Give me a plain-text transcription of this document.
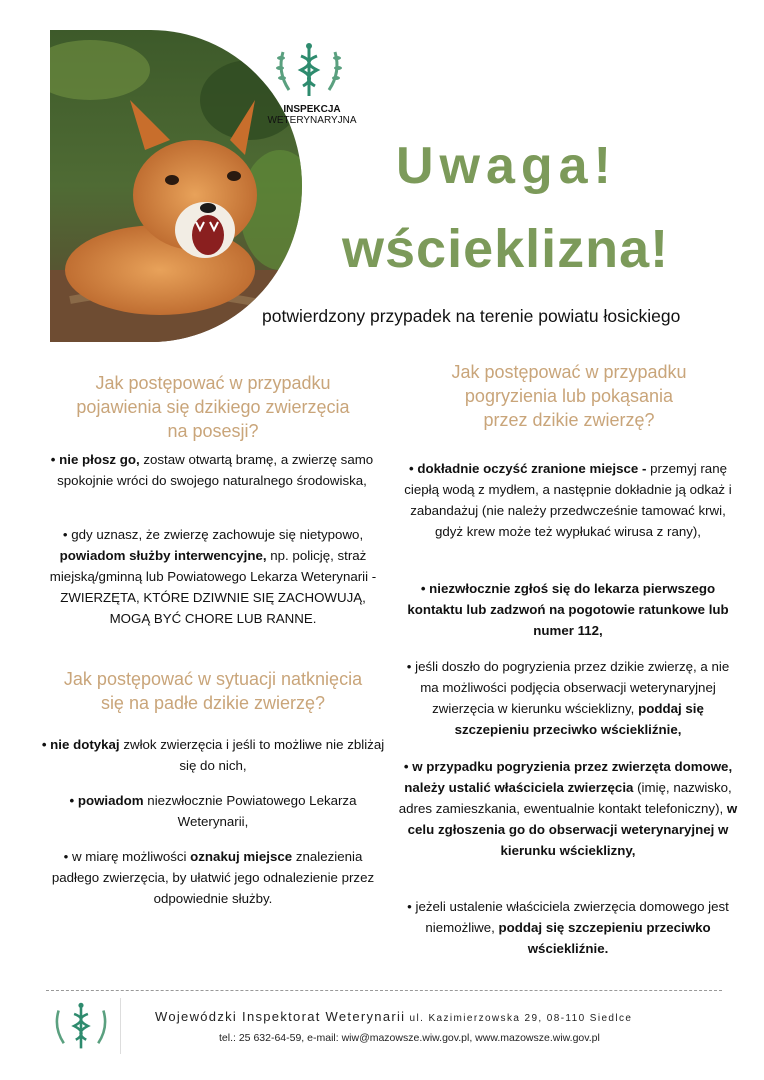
INSPEKCJA
WETERYNARYJNA
Uwaga!
wścieklizna!
potwierdzony przypadek na terenie powiatu łosickiego
Jak postępować w przypadku
pojawienia się dzikiego zwierzęcia
na posesji?
• nie płosz go, zostaw otwartą bramę, a zwierzę samo spokojnie wróci do swojego naturalnego środowiska,
• gdy uznasz, że zwierzę zachowuje się nietypowo,
powiadom służby interwencyjne, np. policję, straż miejską/gminną lub Powiatowego Lekarza Weterynarii - ZWIERZĘTA, KTÓRE DZIWNIE SIĘ ZACHOWUJĄ, MOGĄ BYĆ CHORE LUB RANNE.
Jak postępować w sytuacji natknięcia
się na padłe dzikie zwierzę?
• nie dotykaj zwłok zwierzęcia i jeśli to możliwe nie zbliżaj się do nich,
• powiadom niezwłocznie Powiatowego Lekarza Weterynarii,
• w miarę możliwości oznakuj miejsce znalezienia padłego zwierzęcia, by ułatwić jego odnalezienie przez odpowiednie służby.
Jak postępować w przypadku
pogryzienia lub pokąsania
przez dzikie zwierzę?
• dokładnie oczyść zranione miejsce - przemyj ranę ciepłą wodą z mydłem, a następnie dokładnie ją odkaż i zabandażuj (nie należy przedwcześnie tamować krwi, gdyż krew może też wypłukać wirusa z rany),
• niezwłocznie zgłoś się do lekarza pierwszego kontaktu lub zadzwoń na pogotowie ratunkowe lub numer 112,
• jeśli doszło do pogryzienia przez dzikie zwierzę, a nie ma możliwości podjęcia obserwacji weterynaryjnej zwierzęcia w kierunku wścieklizny, poddaj się szczepieniu przeciwko wściekliźnie,
• w przypadku pogryzienia przez zwierzęta domowe, należy ustalić właściciela zwierzęcia (imię, nazwisko, adres zamieszkania, ewentualnie kontakt telefoniczny), w celu zgłoszenia go do obserwacji weterynaryjnej w kierunku wścieklizny,
• jeżeli ustalenie właściciela zwierzęcia domowego jest niemożliwe, poddaj się szczepieniu przeciwko wściekliźnie.
Wojewódzki Inspektorat Weterynarii ul. Kazimierzowska 29, 08-110 Siedlce
tel.: 25 632-64-59, e-mail: wiw@mazowsze.wiw.gov.pl, www.mazowsze.wiw.gov.pl
